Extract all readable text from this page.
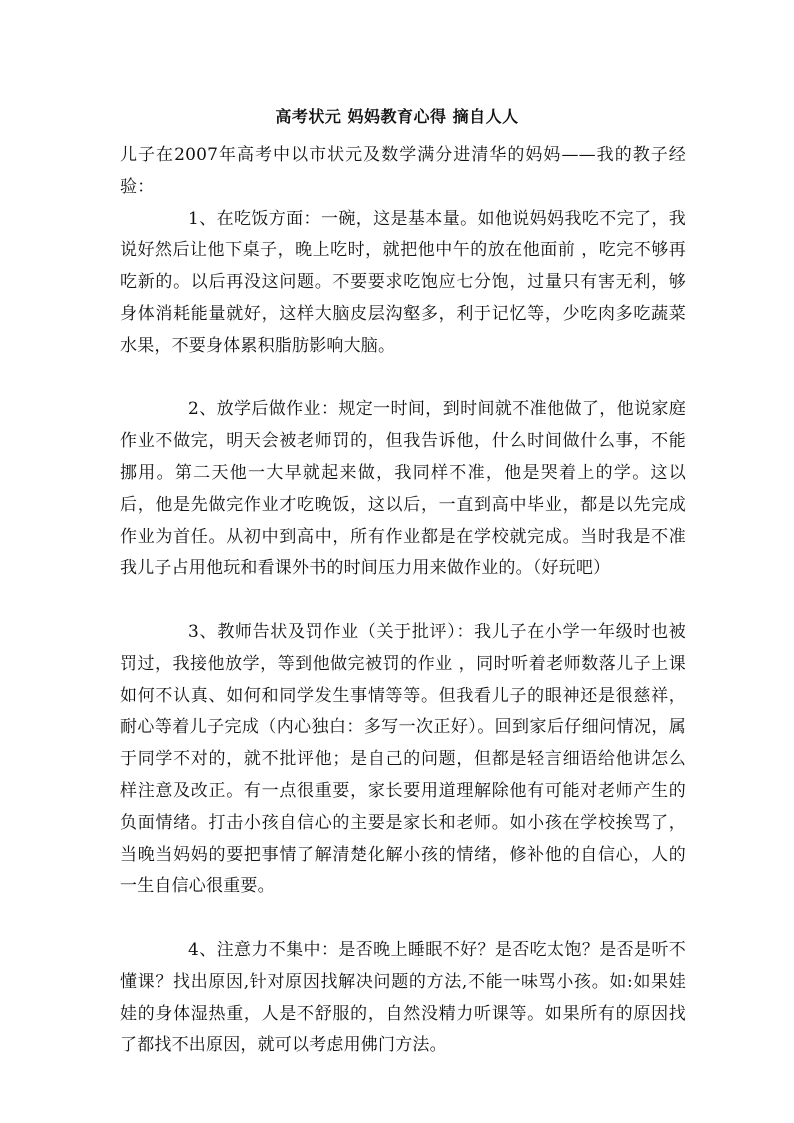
高考状元 妈妈教育心得 摘自人人

儿子在2007年高考中以市状元及数学满分进清华的妈妈——我的教子经验：

1、在吃饭方面：一碗，这是基本量。如他说妈妈我吃不完了，我说好然后让他下桌子，晚上吃时，就把他中午的放在他面前 ，吃完不够再吃新的。以后再没这问题。不要要求吃饱应七分饱，过量只有害无利，够身体消耗能量就好，这样大脑皮层沟壑多，利于记忆等，少吃肉多吃蔬菜水果，不要身体累积脂肪影响大脑。

2、放学后做作业：规定一时间，到时间就不准他做了，他说家庭作业不做完，明天会被老师罚的，但我告诉他，什么时间做什么事，不能挪用。第二天他一大早就起来做，我同样不准，他是哭着上的学。这以后，他是先做完作业才吃晚饭，这以后，一直到高中毕业，都是以先完成作业为首任。从初中到高中，所有作业都是在学校就完成。当时我是不准我儿子占用他玩和看课外书的时间压力用来做作业的。（好玩吧）

3、教师告状及罚作业（关于批评）：我儿子在小学一年级时也被罚过，我接他放学，等到他做完被罚的作业 ，同时听着老师数落儿子上课如何不认真、如何和同学发生事情等等。但我看儿子的眼神还是很慈祥，耐心等着儿子完成（内心独白：多写一次正好）。回到家后仔细问情况，属于同学不对的，就不批评他；是自己的问题，但都是轻言细语给他讲怎么样注意及改正。有一点很重要，家长要用道理解除他有可能对老师产生的负面情绪。打击小孩自信心的主要是家长和老师。如小孩在学校挨骂了，当晚当妈妈的要把事情了解清楚化解小孩的情绪，修补他的自信心，人的一生自信心很重要。

4、注意力不集中：是否晚上睡眠不好？是否吃太饱？是否是听不懂课？找出原因,针对原因找解决问题的方法,不能一味骂小孩。如:如果娃娃的身体湿热重，人是不舒服的，自然没精力听课等。如果所有的原因找了都找不出原因，就可以考虑用佛门方法。
